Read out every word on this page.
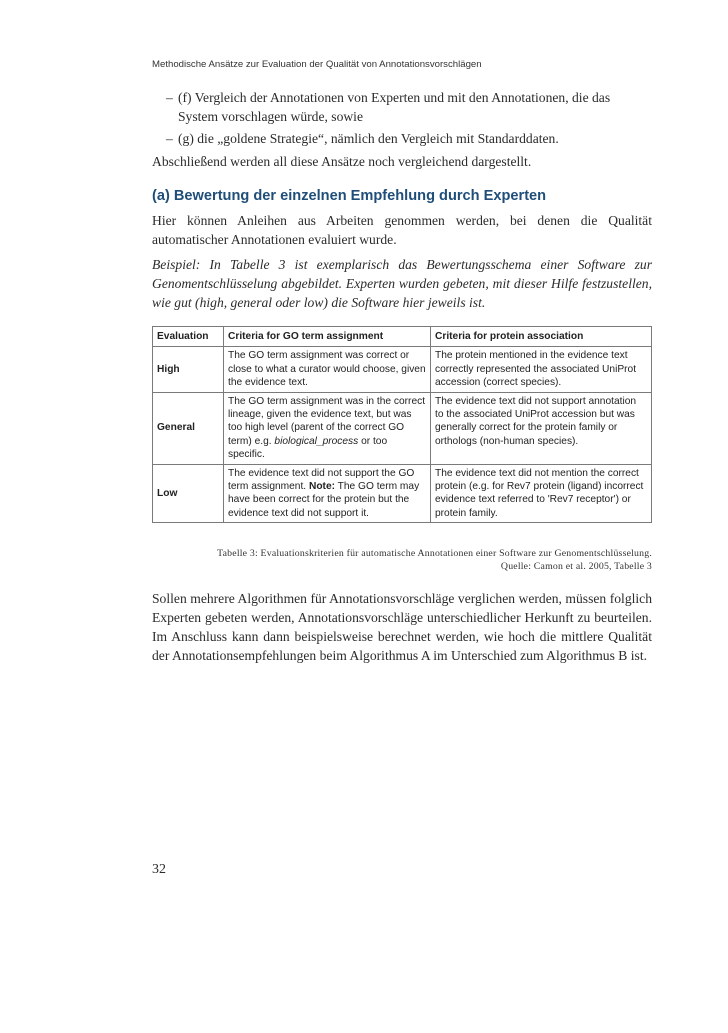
Methodische Ansätze zur Evaluation der Qualität von Annotationsvorschlägen
– (f) Vergleich der Annotationen von Experten und mit den Annotationen, die das System vorschlagen würde, sowie
– (g) die „goldene Strategie“, nämlich den Vergleich mit Standarddaten.

Abschließend werden all diese Ansätze noch vergleichend dargestellt.

(a) Bewertung der einzelnen Empfehlung durch Experten

Hier können Anleihen aus Arbeiten genommen werden, bei denen die Qualität automatischer Annotationen evaluiert wurde.

Beispiel: In Tabelle 3 ist exemplarisch das Bewertungsschema einer Software zur Genomentschlüsselung abgebildet. Experten wurden gebeten, mit dieser Hilfe festzustellen, wie gut (high, general oder low) die Software hier jeweils ist.

Evaluation	Criteria for GO term assignment	Criteria for protein association
High	The GO term assignment was correct or close to what a curator would choose, given the evidence text.	The protein mentioned in the evidence text correctly represented the associated UniProt accession (correct species).
General	The GO term assignment was in the correct lineage, given the evidence text, but was too high level (parent of the correct GO term) e.g. biological_process or too specific.	The evidence text did not support annotation to the associated UniProt accession but was generally correct for the protein family or orthologs (non-human species).
Low	The evidence text did not support the GO term assignment. Note: The GO term may have been correct for the protein but the evidence text did not support it.	The evidence text did not mention the correct protein (e.g. for Rev7 protein (ligand) incorrect evidence text referred to 'Rev7 receptor') or protein family.
Tabelle 3: Evaluationskriterien für automatische Annotationen einer Software zur Genomentschlüsselung.
Quelle: Camon et al. 2005, Tabelle 3

Sollen mehrere Algorithmen für Annotationsvorschläge verglichen werden, müssen folglich Experten gebeten werden, Annotationsvorschläge unterschiedlicher Herkunft zu beurteilen. Im Anschluss kann dann beispielsweise berechnet werden, wie hoch die mittlere Qualität der Annotationsempfehlungen beim Algorithmus A im Unterschied zum Algorithmus B ist.

32
